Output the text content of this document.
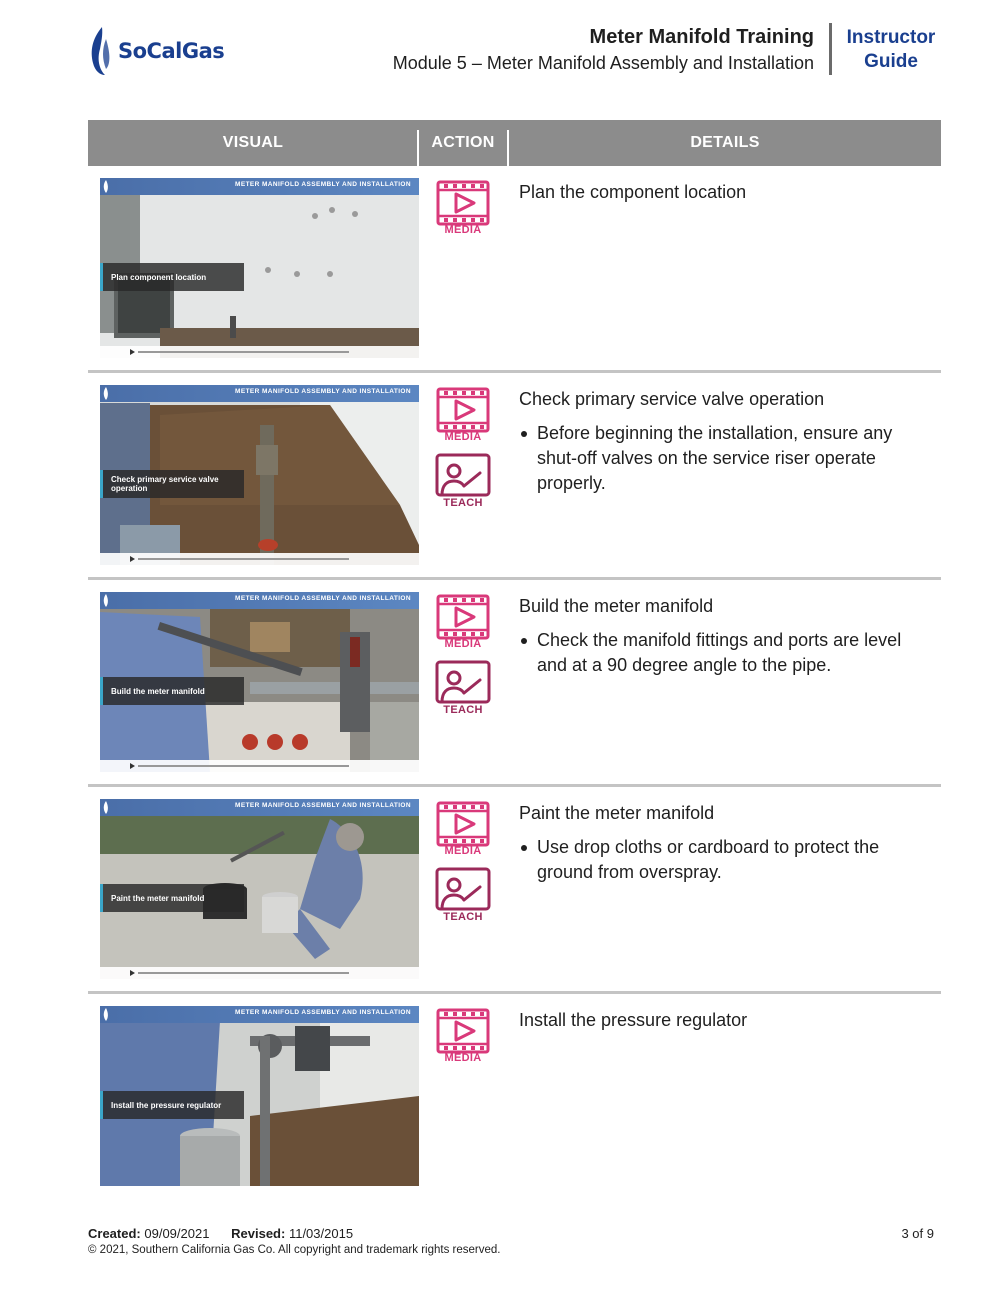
SoCalGas
Meter Manifold Training
Module 5 – Meter Manifold Assembly and Installation
Instructor
Guide
VISUAL	ACTION	DETAILS
METER MANIFOLD ASSEMBLY AND INSTALLATION
Plan component location
MEDIA
Plan the component location
METER MANIFOLD ASSEMBLY AND INSTALLATION
Check primary service valve operation
MEDIA
TEACH
Check primary service valve operation
Before beginning the installation, ensure any shut-off valves on the service riser operate properly.
METER MANIFOLD ASSEMBLY AND INSTALLATION
Build the meter manifold
MEDIA
TEACH
Build the meter manifold
Check the manifold fittings and ports are level and at a 90 degree angle to the pipe.
METER MANIFOLD ASSEMBLY AND INSTALLATION
Paint the meter manifold
MEDIA
TEACH
Paint the meter manifold
Use drop cloths or cardboard to protect the ground from overspray.
METER MANIFOLD ASSEMBLY AND INSTALLATION
Install the pressure regulator
MEDIA
Install the pressure regulator
Created: 09/09/2021 Revised: 11/03/2015
© 2021, Southern California Gas Co. All copyright and trademark rights reserved.
3 of 9
